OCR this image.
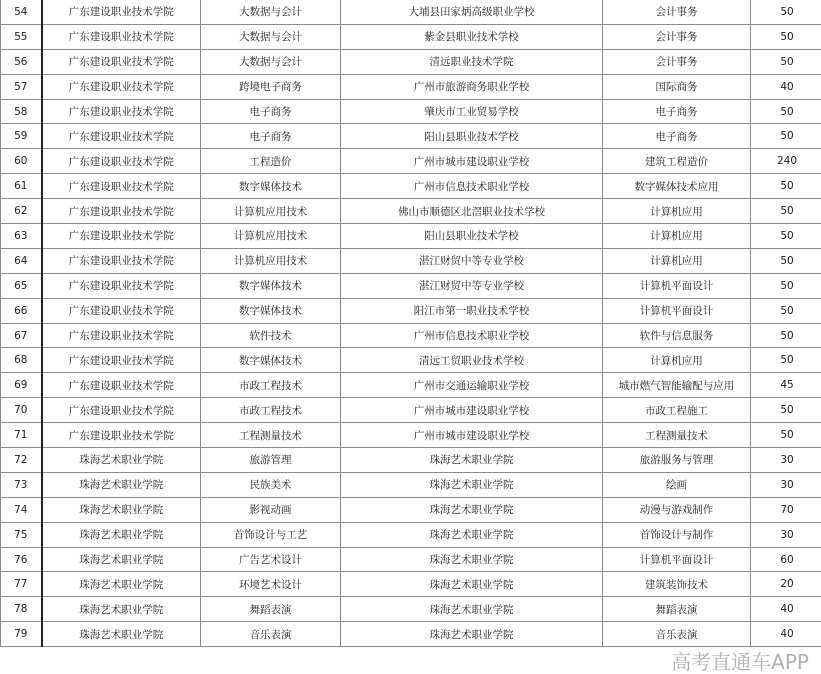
54	广东建设职业技术学院	大数据与会计	大埔县田家炳高级职业学校	会计事务	50
55	广东建设职业技术学院	大数据与会计	紫金县职业技术学校	会计事务	50
56	广东建设职业技术学院	大数据与会计	清远职业技术学院	会计事务	50
57	广东建设职业技术学院	跨境电子商务	广州市旅游商务职业学校	国际商务	40
58	广东建设职业技术学院	电子商务	肇庆市工业贸易学校	电子商务	50
59	广东建设职业技术学院	电子商务	阳山县职业技术学校	电子商务	50
60	广东建设职业技术学院	工程造价	广州市城市建设职业学校	建筑工程造价	240
61	广东建设职业技术学院	数字媒体技术	广州市信息技术职业学校	数字媒体技术应用	50
62	广东建设职业技术学院	计算机应用技术	佛山市顺德区北滘职业技术学校	计算机应用	50
63	广东建设职业技术学院	计算机应用技术	阳山县职业技术学校	计算机应用	50
64	广东建设职业技术学院	计算机应用技术	湛江财贸中等专业学校	计算机应用	50
65	广东建设职业技术学院	数字媒体技术	湛江财贸中等专业学校	计算机平面设计	50
66	广东建设职业技术学院	数字媒体技术	阳江市第一职业技术学校	计算机平面设计	50
67	广东建设职业技术学院	软件技术	广州市信息技术职业学校	软件与信息服务	50
68	广东建设职业技术学院	数字媒体技术	清远工贸职业技术学校	计算机应用	50
69	广东建设职业技术学院	市政工程技术	广州市交通运输职业学校	城市燃气智能输配与应用	45
70	广东建设职业技术学院	市政工程技术	广州市城市建设职业学校	市政工程施工	50
71	广东建设职业技术学院	工程测量技术	广州市城市建设职业学校	工程测量技术	50
72	珠海艺术职业学院	旅游管理	珠海艺术职业学院	旅游服务与管理	30
73	珠海艺术职业学院	民族美术	珠海艺术职业学院	绘画	30
74	珠海艺术职业学院	影视动画	珠海艺术职业学院	动漫与游戏制作	70
75	珠海艺术职业学院	首饰设计与工艺	珠海艺术职业学院	首饰设计与制作	30
76	珠海艺术职业学院	广告艺术设计	珠海艺术职业学院	计算机平面设计	60
77	珠海艺术职业学院	环境艺术设计	珠海艺术职业学院	建筑装饰技术	20
78	珠海艺术职业学院	舞蹈表演	珠海艺术职业学院	舞蹈表演	40
79	珠海艺术职业学院	音乐表演	珠海艺术职业学院	音乐表演	40
高考直通车APP
